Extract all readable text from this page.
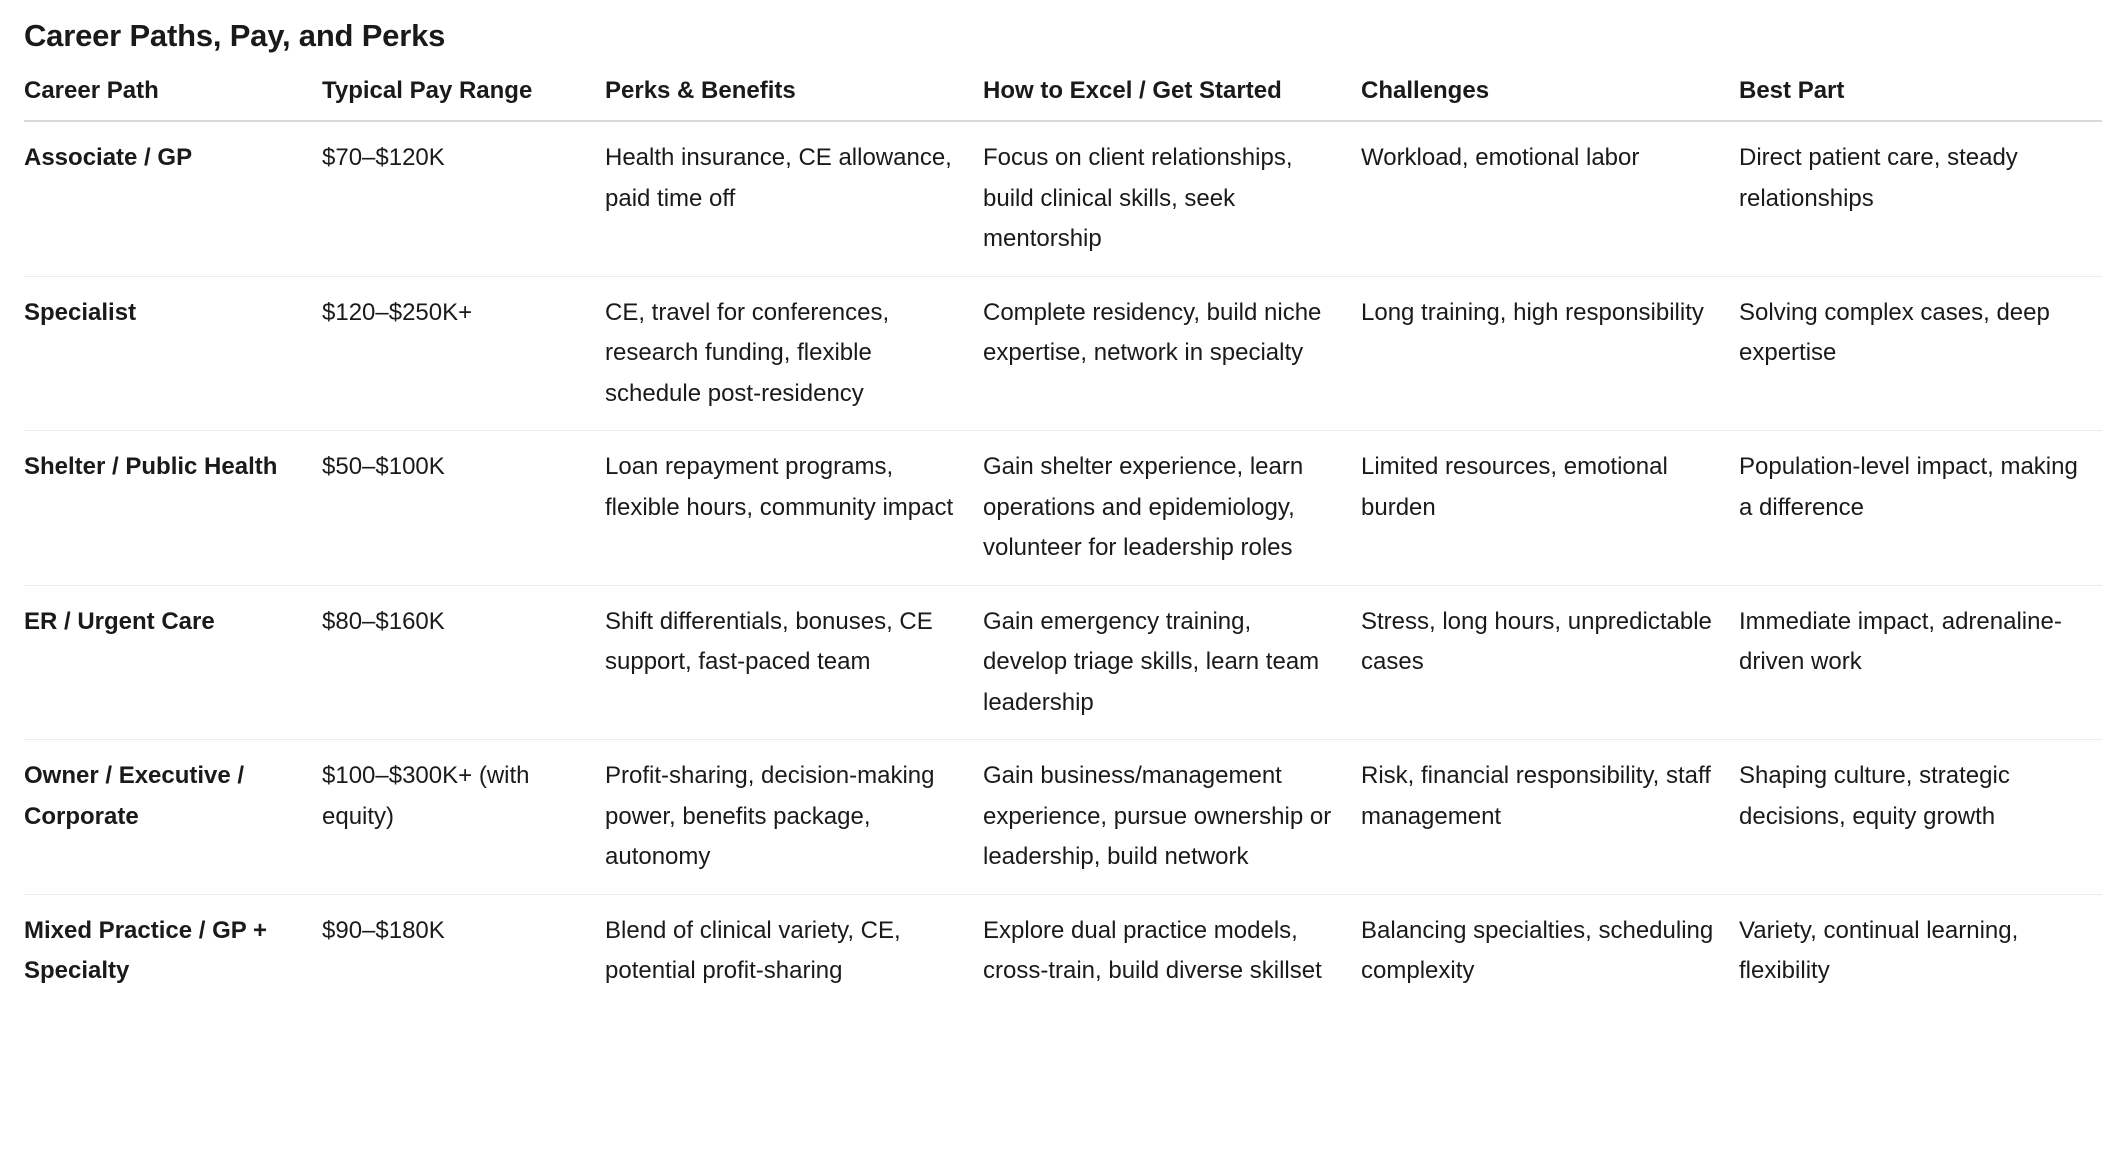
Career Paths, Pay, and Perks
Career Path	Typical Pay Range	Perks & Benefits	How to Excel / Get Started	Challenges	Best Part
Associate / GP	$70–$120K	Health insurance, CE allowance, paid time off	Focus on client relationships, build clinical skills, seek mentorship	Workload, emotional labor	Direct patient care, steady relationships
Specialist	$120–$250K+	CE, travel for conferences, research funding, flexible schedule post-residency	Complete residency, build niche expertise, network in specialty	Long training, high responsibility	Solving complex cases, deep expertise
Shelter / Public Health	$50–$100K	Loan repayment programs, flexible hours, community impact	Gain shelter experience, learn operations and epidemiology, volunteer for leadership roles	Limited resources, emotional burden	Population-level impact, making a difference
ER / Urgent Care	$80–$160K	Shift differentials, bonuses, CE support, fast-paced team	Gain emergency training, develop triage skills, learn team leadership	Stress, long hours, unpredictable cases	Immediate impact, adrenaline-driven work
Owner / Executive / Corporate	$100–$300K+ (with equity)	Profit-sharing, decision-making power, benefits package, autonomy	Gain business/management experience, pursue ownership or leadership, build network	Risk, financial responsibility, staff management	Shaping culture, strategic decisions, equity growth
Mixed Practice / GP + Specialty	$90–$180K	Blend of clinical variety, CE, potential profit-sharing	Explore dual practice models, cross-train, build diverse skillset	Balancing specialties, scheduling complexity	Variety, continual learning, flexibility
